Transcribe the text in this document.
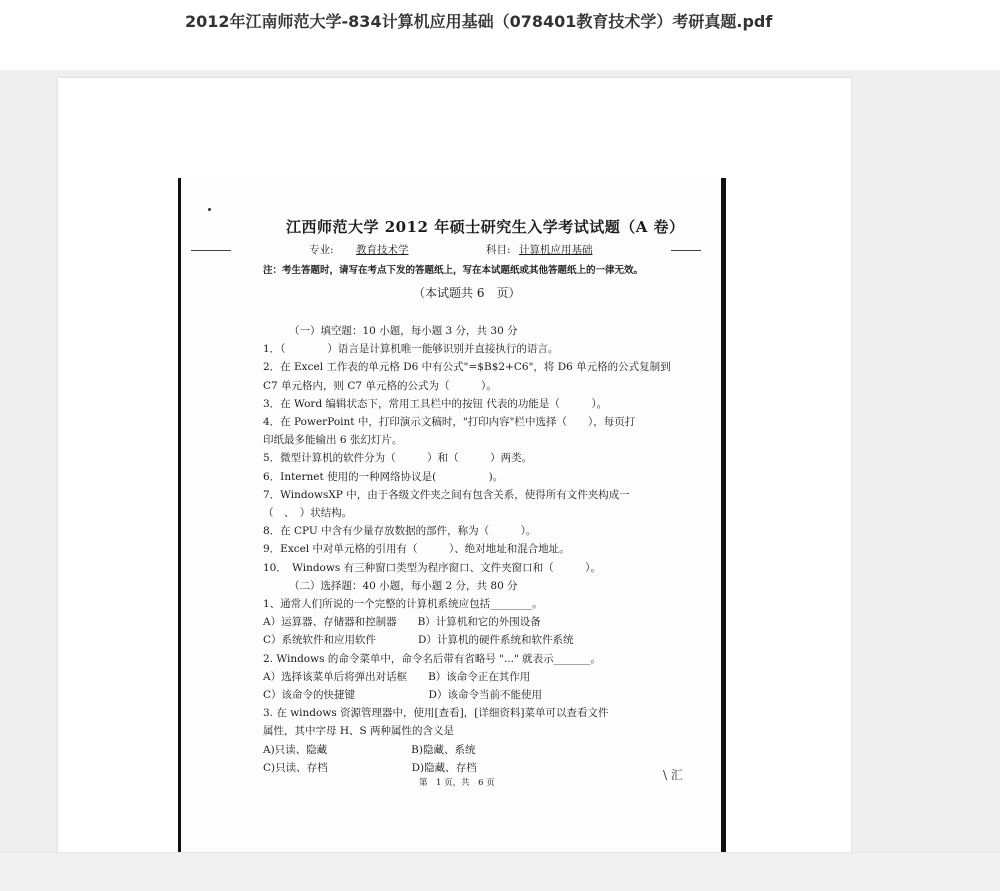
2012年江南师范大学-834计算机应用基础（078401教育技术学）考研真题.pdf
江西师范大学 2012 年硕士研究生入学考试试题（A 卷）
专业: 教育技术学	科目: 计算机应用基础
注：考生答题时，请写在考点下发的答题纸上，写在本试题纸或其他答题纸上的一律无效。
（本试题共 6　页）
（一）填空题：10 小题，每小题 3 分，共 30 分
1．（　　　　）语言是计算机唯一能够识别并直接执行的语言。
2．在 Excel 工作表的单元格 D6 中有公式"=$B$2+C6"，将 D6 单元格的公式复制到
C7 单元格内，则 C7 单元格的公式为（　　　）。
3．在 Word 编辑状态下，常用工具栏中的按钮 代表的功能是（　　　）。
4．在 PowerPoint 中，打印演示文稿时，"打印内容"栏中选择（　　），每页打
印纸最多能输出 6 张幻灯片。
5．微型计算机的软件分为（　　　）和（　　　）两类。
6．Internet 使用的一种网络协议是(　　　　　)。
7．WindowsXP 中，由于各级文件夹之间有包含关系，使得所有文件夹构成一
（　、　）状结构。
8．在 CPU 中含有少量存放数据的部件，称为（　　　）。
9．Excel 中对单元格的引用有（　　　）、绝对地址和混合地址。
10．　Windows 有三种窗口类型为程序窗口、文件夹窗口和（　　　）。
（二）选择题：40 小题，每小题 2 分，共 80 分
1、通常人们所说的一个完整的计算机系统应包括________。
A）运算器、存储器和控制器　　B）计算机和它的外围设备
C）系统软件和应用软件　　　　D）计算机的硬件系统和软件系统
2. Windows 的命令菜单中，命令名后带有省略号 "..." 就表示_______。
A）选择该菜单后将弹出对话框　　B）该命令正在其作用
C）该命令的快捷键　　　　　　　D）该命令当前不能使用
3. 在 windows 资源管理器中，使用[查看]，[详细资料]菜单可以查看文件
属性，其中字母 H、S 两种属性的含义是
A)只读、隐藏　　　　　　　　B)隐藏、系统
C)只读、存档　　　　　　　　D)隐藏、存档
第　1 页，共　6 页
\ 汇
